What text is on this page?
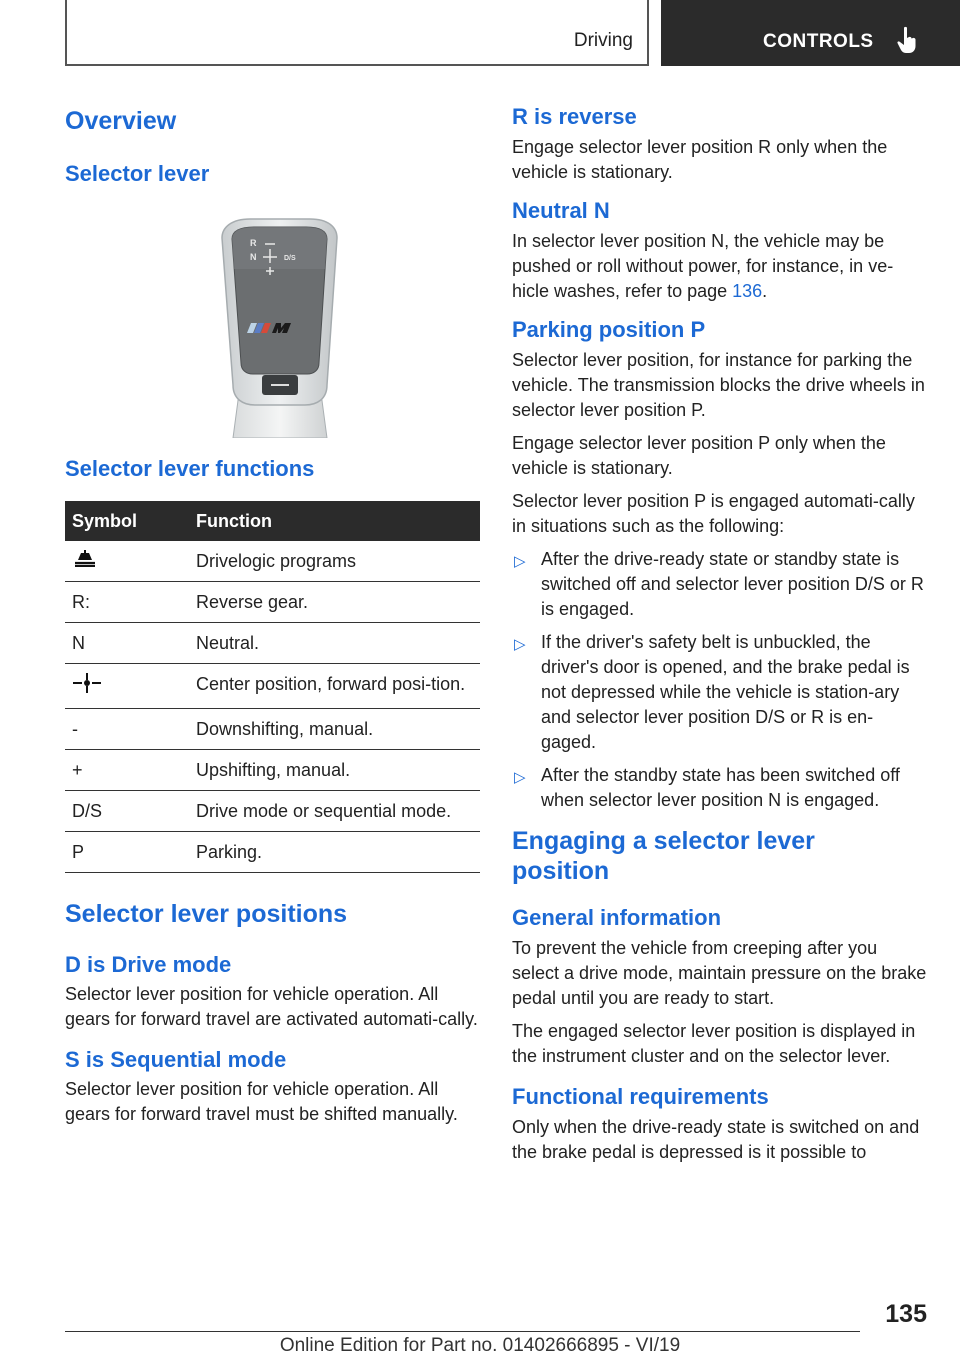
Driving	CONTROLS
Overview
Selector lever
R
N	D/S
Selector lever functions
Symbol	Function
	Drivelogic programs
R:	Reverse gear.
N	Neutral.
	Center position, forward posi-tion.
-	Downshifting, manual.
+	Upshifting, manual.
D/S	Drive mode or sequential mode.
P	Parking.
Selector lever positions
D is Drive mode
Selector lever position for vehicle operation. All gears for forward travel are activated automati-cally.
S is Sequential mode
Selector lever position for vehicle operation. All gears for forward travel must be shifted manually.
R is reverse
Engage selector lever position R only when the vehicle is stationary.
Neutral N
In selector lever position N, the vehicle may be pushed or roll without power, for instance, in ve-hicle washes, refer to page 136.
Parking position P
Selector lever position, for instance for parking the vehicle. The transmission blocks the drive wheels in selector lever position P.
Engage selector lever position P only when the vehicle is stationary.
Selector lever position P is engaged automati-cally in situations such as the following:
▷ After the drive-ready state or standby state is switched off and selector lever position D/S or R is engaged.
▷ If the driver's safety belt is unbuckled, the driver's door is opened, and the brake pedal is not depressed while the vehicle is station-ary and selector lever position D/S or R is en-gaged.
▷ After the standby state has been switched off when selector lever position N is engaged.
Engaging a selector lever position
General information
To prevent the vehicle from creeping after you select a drive mode, maintain pressure on the brake pedal until you are ready to start.
The engaged selector lever position is displayed in the instrument cluster and on the selector lever.
Functional requirements
Only when the drive-ready state is switched on and the brake pedal is depressed is it possible to
135
Online Edition for Part no. 01402666895 - VI/19
